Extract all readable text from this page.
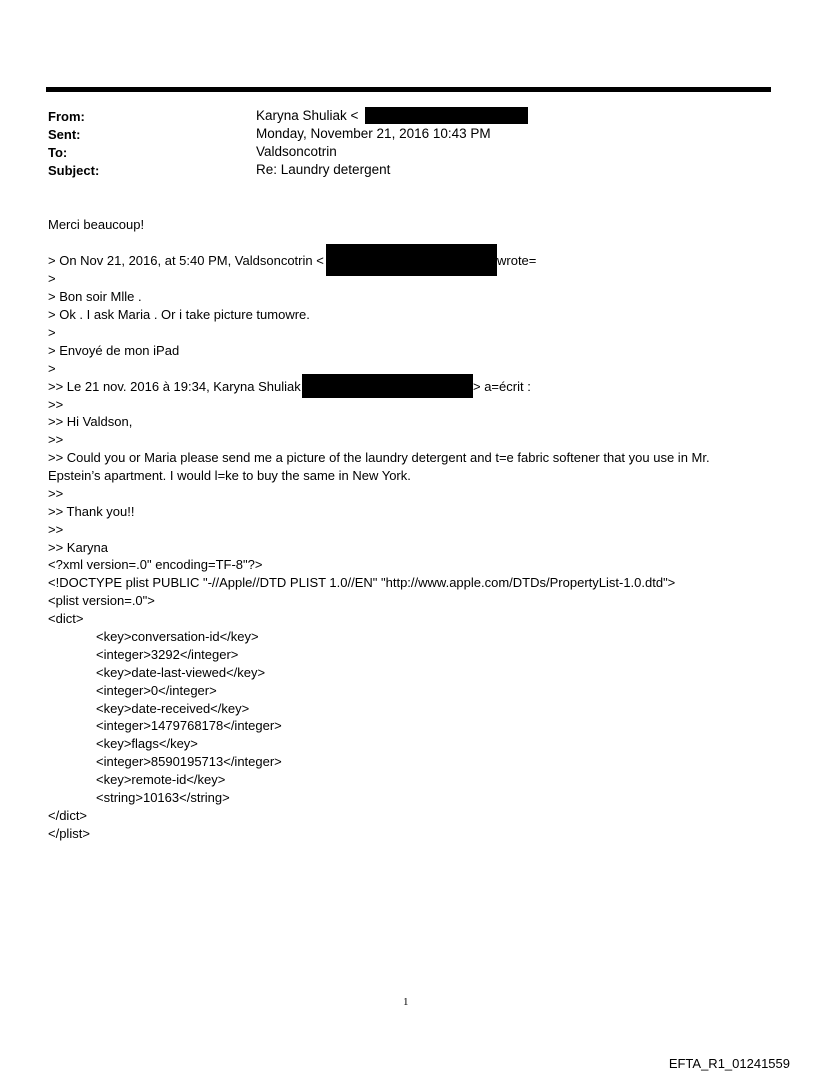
From:	Karyna Shuliak <
Sent:	Monday, November 21, 2016 10:43 PM
To:	Valdsoncotrin
Subject:	Re: Laundry detergent
Merci beaucoup!
> On Nov 21, 2016, at 5:40 PM, Valdsoncotrin <	wrote=
>
> Bon soir Mlle .
> Ok . I ask Maria . Or i take picture tumowre.
>
> Envoyé de mon iPad
>
>> Le 21 nov. 2016 à 19:34, Karyna Shuliak	> a=écrit :
>>
>> Hi Valdson,
>>
>> Could you or Maria please send me a picture of the laundry detergent and t=e fabric softener that you use in Mr.
Epstein’s apartment. I would l=ke to buy the same in New York.
>>
>> Thank you!!
>>
>> Karyna
<?xml version=.0" encoding=TF-8"?>
<!DOCTYPE plist PUBLIC "-//Apple//DTD PLIST 1.0//EN" "http://www.apple.com/DTDs/PropertyList-1.0.dtd">
<plist version=.0">
<dict>
<key>conversation-id</key>
<integer>3292</integer>
<key>date-last-viewed</key>
<integer>0</integer>
<key>date-received</key>
<integer>1479768178</integer>
<key>flags</key>
<integer>8590195713</integer>
<key>remote-id</key>
<string>10163</string>
</dict>
</plist>
1
EFTA_R1_01241559
